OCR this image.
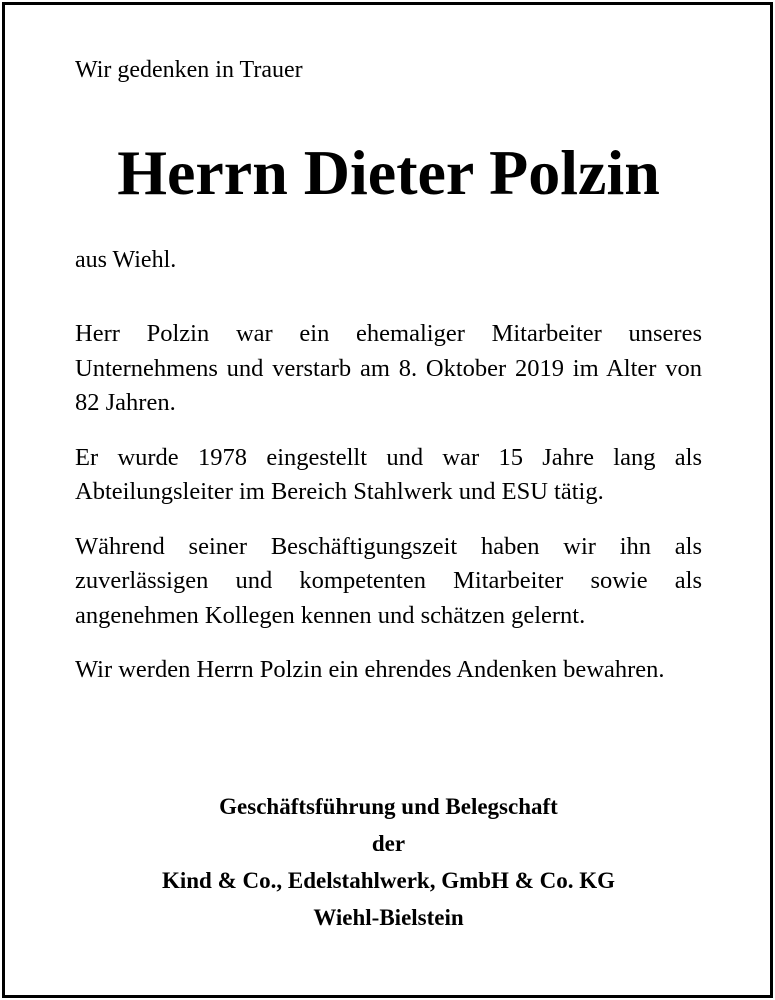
Wir gedenken in Trauer
Herrn Dieter Polzin
aus Wiehl.

Herr Polzin war ein ehemaliger Mitarbeiter unseres Unternehmens und verstarb am 8. Oktober 2019 im Alter von 82 Jahren.

Er wurde 1978 eingestellt und war 15 Jahre lang als Abteilungsleiter im Bereich Stahlwerk und ESU tätig.

Während seiner Beschäftigungszeit haben wir ihn als zuverlässigen und kompetenten Mitarbeiter sowie als angenehmen Kollegen kennen und schätzen gelernt.

Wir werden Herrn Polzin ein ehrendes Andenken bewahren.

Geschäftsführung und Belegschaft
der
Kind & Co., Edelstahlwerk, GmbH & Co. KG
Wiehl-Bielstein
